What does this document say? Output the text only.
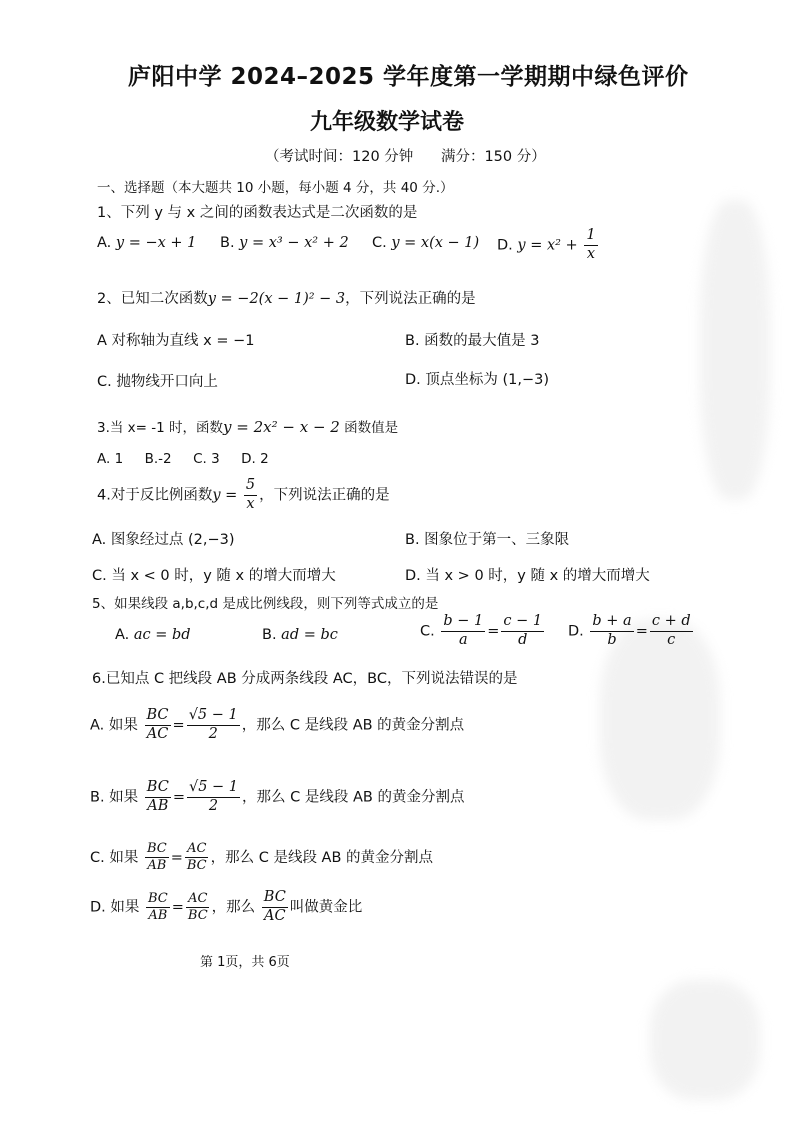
庐阳中学 2024–2025 学年度第一学期期中绿色评价
九年级数学试卷
（考试时间：120 分钟      满分：150 分）
一、选择题（本大题共 10 小题，每小题 4 分，共 40 分.）
1、下列 y 与 x 之间的函数表达式是二次函数的是
A. y = −x + 1 B. y = x³ − x² + 2 C. y = x(x − 1) D. $y = x^2 + \frac{1}{x}$
2、已知二次函数y = −2(x − 1)² − 3，下列说法正确的是
A 对称轴为直线 x = −1	B. 函数的最大值是 3
C. 抛物线开口向上	D. 顶点坐标为 (1,−3)
3.当 x= -1 时，函数y = 2x² − x − 2 函数值是
A. 1     B.-2     C. 3     D. 2
4.对于反比例函数$y = \frac{5}{x}$ ，下列说法正确的是
A. 图象经过点 (2,−3)	B. 图象位于第一、三象限
C. 当 x < 0 时，y 随 x 的增大而增大	D. 当 x > 0 时，y 随 x 的增大而增大
5、如果线段 a,b,c,d 是成比例线段，则下列等式成立的是
A. ac = bd	B. ad = bc	C. $\frac{b - 1}{a} = \frac{c - 1}{d} D$. $\frac{b + a}{b} = \frac{c + d}{c}$
6.已知点 C 把线段 AB 分成两条线段 AC，BC，下列说法错误的是
A. 如果 $\frac{BC}{AC} = \frac{√5 - 1}{2}$ ，那么 C 是线段 AB 的黄金分割点
B. 如果 $\frac{BC}{AB} = \frac{√5 - 1}{2}$ ，那么 C 是线段 AB 的黄金分割点
C. 如果 $\frac{BC}{AB} = \frac{AC}{BC}$ ，那么 C 是线段 AB 的黄金分割点
D. 如果 $\frac{BC}{AB} = \frac{AC}{BC}$ ，那么 $\frac{BC}{AC}$ 叫做黄金比
第 1页，共 6页
